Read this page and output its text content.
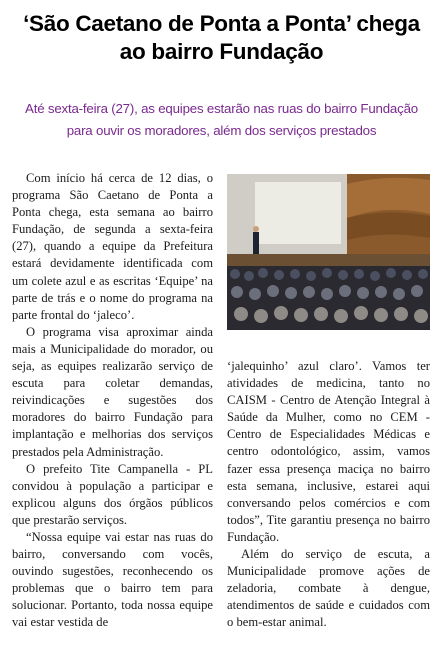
‘São Caetano de Ponta a Ponta’ chega ao bairro Fundação
Até sexta-feira (27), as equipes estarão nas ruas do bairro Fundação para ouvir os moradores, além dos serviços prestados

Com início há cerca de 12 dias, o programa São Caetano de Ponta a Ponta chega, esta semana ao bairro Fundação, de segunda a sexta-feira (27), quando a equipe da Prefeitura estará devidamente identificada com um colete azul e as escritas ‘Equipe’ na parte de trás e o nome do programa na parte frontal do ‘jaleco’.

O programa visa aproximar ainda mais a Municipalidade do morador, ou seja, as equipes realizarão serviço de escuta para coletar demandas, reivindicações e sugestões dos moradores do bairro Fundação para implantação e melhorias dos serviços prestados pela Administração.

O prefeito Tite Campanella - PL convidou à população a participar e explicou alguns dos órgãos públicos que prestarão serviços.

“Nossa equipe vai estar nas ruas do bairro, conversando com vocês, ouvindo sugestões, reconhecendo os problemas que o bairro tem para solucionar. Portanto, toda nossa equipe vai estar vestida de

‘jalequinho’ azul claro’. Vamos ter atividades de medicina, tanto no CAISM - Centro de Atenção Integral à Saúde da Mulher, como no CEM - Centro de Especialidades Médicas e centro odontológico, assim, vamos fazer essa presença maciça no bairro esta semana, inclusive, estarei aqui conversando pelos comércios e com todos”, Tite garantiu presença no bairro Fundação.

Além do serviço de escuta, a Municipalidade promove ações de zeladoria, combate à dengue, atendimentos de saúde e cuidados com o bem-estar animal.
